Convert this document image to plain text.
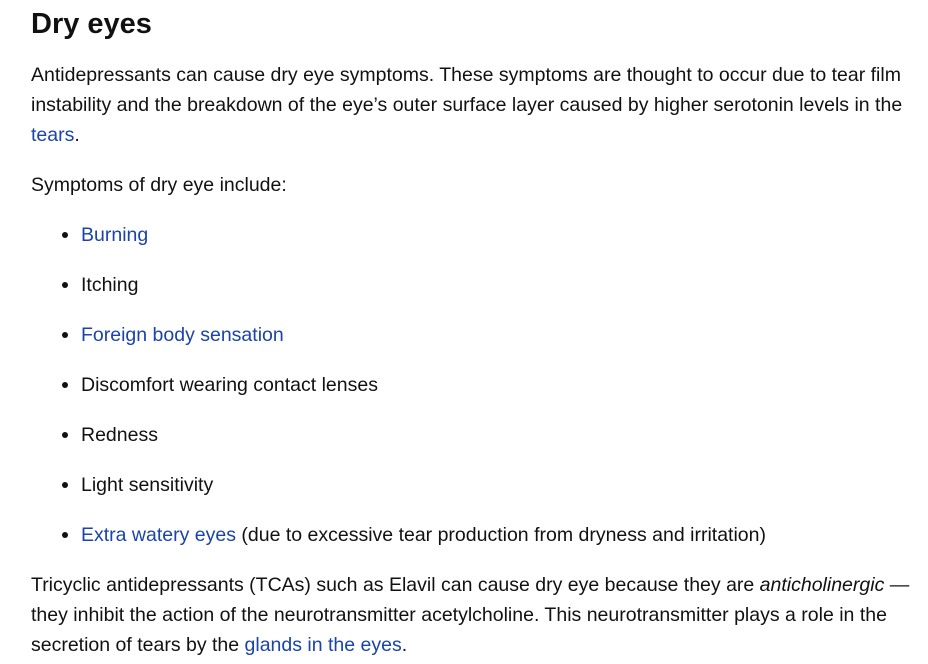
Dry eyes

Antidepressants can cause dry eye symptoms. These symptoms are thought to occur due to tear film instability and the breakdown of the eye’s outer surface layer caused by higher serotonin levels in the tears.

Symptoms of dry eye include:

Burning
Itching
Foreign body sensation
Discomfort wearing contact lenses
Redness
Light sensitivity
Extra watery eyes (due to excessive tear production from dryness and irritation)

Tricyclic antidepressants (TCAs) such as Elavil can cause dry eye because they are anticholinergic — they inhibit the action of the neurotransmitter acetylcholine. This neurotransmitter plays a role in the secretion of tears by the glands in the eyes.
